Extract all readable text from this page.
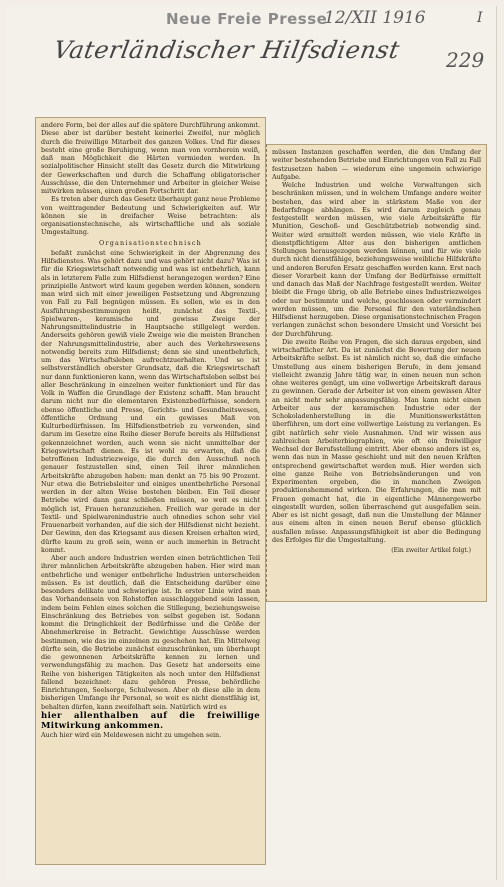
Neue Freie Presse
12/XII 1916	I
Vaterländischer Hilfsdienst 229

andere Form, bei der alles auf die spätere Durchführung ankommt. Diese aber ist darüber besteht keinerlei Zweifel, nur möglich durch die freiwillige Mitarbeit des ganzen Volkes. Und für dieses besteht eine große Beruhigung, wenn man von vornherein weiß, daß man Möglichkeit die Härten vermieden werden. In sozialpolitischer Hinsicht stellt das Gesetz durch die Mitwirkung der Gewerkschaften und durch die Schaffung obligatorischer Ausschüsse, die den Unternehmer und Arbeiter in gleicher Weise mitwirken müssen, einen großen Fortschritt dar.

Es treten aber durch das Gesetz überhaupt ganz neue Probleme von weittragender Bedeutung und Schwierigkeiten auf. Wir können sie in dreifacher Weise betrachten: als organisationstechnische, als wirtschaftliche und als soziale Umgestaltung.

Organisationstechnisch

befaßt zunächst eine Schwierigkeit in der Abgrenzung des Hilfsdienstes. Was gehört dazu und was gehört nicht dazu? Was ist für die Kriegswirtschaft notwendig und was ist entbehrlich, kann als in letzterem Falle zum Hilfsdienst herangezogen werden? Eine prinzipielle Antwort wird kaum gegeben werden können, sondern man wird sich mit einer jeweiligen Festsetzung und Abgrenzung von Fall zu Fall begnügen müssen. Es sollen, wie es in den Ausführungsbestimmungen heißt, zunächst das Textil-, Spielwaren-, keramische und gewisse Zweige der Nahrungsmittelindustrie in Hauptsache stillgelegt werden. Anderseits gehören gewiß viele Zweige wie die meisten Branchen der Nahrungsmittelindustrie, aber auch des Verkehrswesens notwendig bereits zum Hilfsdienst; denn sie sind unentbehrlich, um das Wirtschaftsleben aufrechtzuerhalten. Und so ist selbstverständlich oberster Grundsatz, daß die Kriegswirtschaft nur dann funktionieren kann, wenn das Wirtschaftsleben selbst bei aller Beschränkung in einzelnen weiter funktioniert und für das Volk in Waffen die Grundlage der Existenz schafft. Man braucht darum nicht nur die elementaren Existenzbedürfnisse, sondern ebenso öffentliche und Presse, Gerichts- und Gesundheitswesen, öffentliche Ordnung und ein gewisses Maß von Kulturbedürfnissen. Im Hilfsdienstbetrieb zu verwenden, sind darum im Gesetze eine Reihe dieser Berufe bereits als Hilfsdienst gekennzeichnet worden, auch wenn sie nicht unmittelbar der Kriegswirtschaft dienen. Es ist wohl zu erwarten, daß die betroffenen Industriezweige, die durch den Ausschuß noch genauer festzustellen sind, einen Teil ihrer männlichen Arbeitskräfte abzugeben haben: man denkt an 75 bis 90 Prozent. Nur etwa die Betriebsleiter und einiges unentbehrliche Personal werden in der alten Weise bestehen bleiben. Ein Teil dieser Betriebe wird dann ganz schließen müssen, so weit es nicht möglich ist, Frauen heranzuziehen. Freilich war gerade in der Textil- und Spielwarenindustrie auch ohnedies schon sehr viel Frauenarbeit vorhanden, auf die sich der Hilfsdienst nicht bezieht. Der Gewinn, den das Kriegsamt aus diesen Kreisen erhalten wird, dürfte kaum zu groß sein, wenn er auch immerhin in Betracht kommt.

Aber auch andere Industrien werden einen beträchtlichen Teil ihrer männlichen Arbeitskräfte abzugeben haben. Hier wird man entbehrliche und weniger entbehrliche Industrien unterscheiden müssen. Es ist deutlich, daß die Entscheidung darüber eine besonders delikate und schwierige ist. In erster Linie wird man das Vorhandensein von Rohstoffen ausschlaggebend sein lassen, indem beim Fehlen eines solchen die Stillegung, beziehungsweise Einschränkung des Betriebes von selbst gegeben ist. Sodann kommt die Dringlichkeit der Bedürfnisse und die Größe der Abnehmerkreise in Betracht. Gewichtige Ausschüsse werden bestimmen, wie das im einzelnen zu geschehen hat. Ein Mittelweg dürfte sein, die Betriebe zunächst einzuschränken, um überhaupt die gewonnenen Arbeitskräfte kennen zu lernen und verwendungsfähig zu machen. Das Gesetz hat anderseits eine Reihe von bisherigen Tätigkeiten als noch unter den Hilfsdienst fallend bezeichnet: dazu gehören Presse, behördliche Einrichtungen, Seelsorge, Schulwesen. Aber ob diese alle in dem bisherigen Umfange ihr Personal, so weit es nicht dienstfähig ist, behalten dürfen, kann zweifelhaft sein. Natürlich wird es

hier allenthalben auf die freiwillige Mitwirkung ankommen.

Auch hier wird ein Meldewesen nicht zu umgehen sein.

müssen Instanzen geschaffen werden, die den Umfang der weiter bestehenden Betriebe und Einrichtungen von Fall zu Fall festzusetzen haben — wiederum eine ungemein schwierige Aufgabe.

Welche Industrien und welche Verwaltungen sich beschränken müssen, und in welchem Umfange andere weiter bestehen, das wird aber in stärkstem Maße von der Bedarfsfrage abhängen. Es wird darum zugleich genau festgestellt werden müssen, wie viele Arbeitskräfte für Munition, Geschoß- und Geschützbetrieb notwendig sind. Weiter wird ermittelt werden müssen, wie viele Kräfte in dienstpflichtigem Alter aus den bisherigen amtlichen Stellungen herausgezogen werden können, und für wie viele durch nicht dienstfähige, beziehungsweise weibliche Hilfskräfte und anderen Berufen Ersatz geschaffen werden kann. Erst nach dieser Vorarbeit kann der Umfang der Bedürfnisse ermittelt und danach das Maß der Nachfrage festgestellt werden. Weiter bleibt die Frage übrig, ob alle Betriebe eines Industriezweiges oder nur bestimmte und welche, geschlossen oder vermindert werden müssen, um die Personal für den vaterländischen Hilfsdienst herzugeben. Diese organisationstechnischen Fragen verlangen zunächst schon besondere Umsicht und Vorsicht bei der Durchführung.

Die zweite Reihe von Fragen, die sich daraus ergeben, sind wirtschaftlicher Art. Da ist zunächst die Bewertung der neuen Arbeitskräfte selbst. Es ist nämlich nicht so, daß die einfache Umstellung aus einem bisherigen Berufe, in dem jemand vielleicht zwanzig Jahre tätig war, in einen neuen nun schon ohne weiteres genügt, um eine vollwertige Arbeitskraft daraus zu gewinnen. Gerade der Arbeiter ist von einem gewissen Alter an nicht mehr sehr anpassungsfähig. Man kann nicht einen Arbeiter aus der keramischen Industrie oder der Schokoladenherstellung in die Munitionswerkstätten überführen, um dort eine vollwertige Leistung zu verlangen. Es gibt natürlich sehr viele Ausnahmen. Und wir wissen aus zahlreichen Arbeiterbiographien, wie oft ein freiwilliger Wechsel der Berufsstellung eintritt. Aber ebenso anders ist es, wenn das nun in Masse geschieht und mit den neuen Kräften entsprechend gewirtschaftet werden muß. Hier werden sich eine ganze Reihe von Betriebsänderungen und von Experimenten ergeben, die in manchen Zweigen produktionshemmend wirken. Die Erfahrungen, die man mit Frauen gemacht hat, die in eigentliche Männergewerbe eingestellt wurden, sollen überraschend gut ausgefallen sein. Aber es ist nicht gesagt, daß nun die Umstellung der Männer aus einem alten in einen neuen Beruf ebenso glücklich ausfallen müsse. Anpassungsfähigkeit ist aber die Bedingung des Erfolges für die Umgestaltung.

(Ein zweiter Artikel folgt.)
